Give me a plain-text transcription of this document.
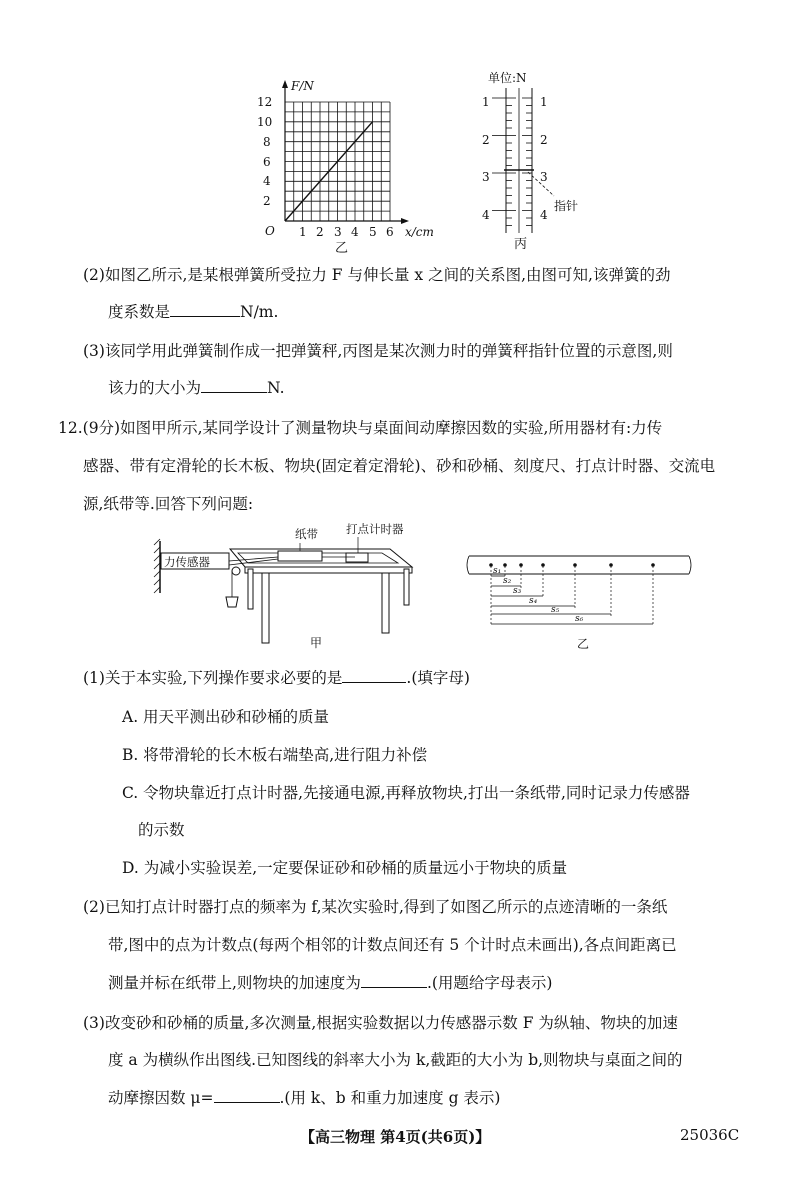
F/N
x/cm
O
2
4
6
8
10
12
1 2 3 4 5 6
乙
单位:N
1
2
3
4
1
2
3
4
指针
丙
(2)如图乙所示,是某根弹簧所受拉力 F 与伸长量 x 之间的关系图,由图可知,该弹簧的劲
度系数是	N/m.
(3)该同学用此弹簧制作成一把弹簧秤,丙图是某次测力时的弹簧秤指针位置的示意图,则
该力的大小为	N.
12.(9分)如图甲所示,某同学设计了测量物块与桌面间动摩擦因数的实验,所用器材有:力传
感器、带有定滑轮的长木板、物块(固定着定滑轮)、砂和砂桶、刻度尺、打点计时器、交流电
源,纸带等.回答下列问题:
力传感器
纸带 打点计时器
甲
s₁
s₂
s₃
s₄
s₅
s₆
乙
(1)关于本实验,下列操作要求必要的是	.(填字母)
A. 用天平测出砂和砂桶的质量
B. 将带滑轮的长木板右端垫高,进行阻力补偿
C. 令物块靠近打点计时器,先接通电源,再释放物块,打出一条纸带,同时记录力传感器
的示数
D. 为减小实验误差,一定要保证砂和砂桶的质量远小于物块的质量
(2)已知打点计时器打点的频率为 f,某次实验时,得到了如图乙所示的点迹清晰的一条纸
带,图中的点为计数点(每两个相邻的计数点间还有 5 个计时点未画出),各点间距离已
测量并标在纸带上,则物块的加速度为	.(用题给字母表示)
(3)改变砂和砂桶的质量,多次测量,根据实验数据以力传感器示数 F 为纵轴、物块的加速
度 a 为横纵作出图线.已知图线的斜率大小为 k,截距的大小为 b,则物块与桌面之间的
动摩擦因数 μ=	.(用 k、b 和重力加速度 g 表示)
【高三物理 第4页(共6页)】	25036C
